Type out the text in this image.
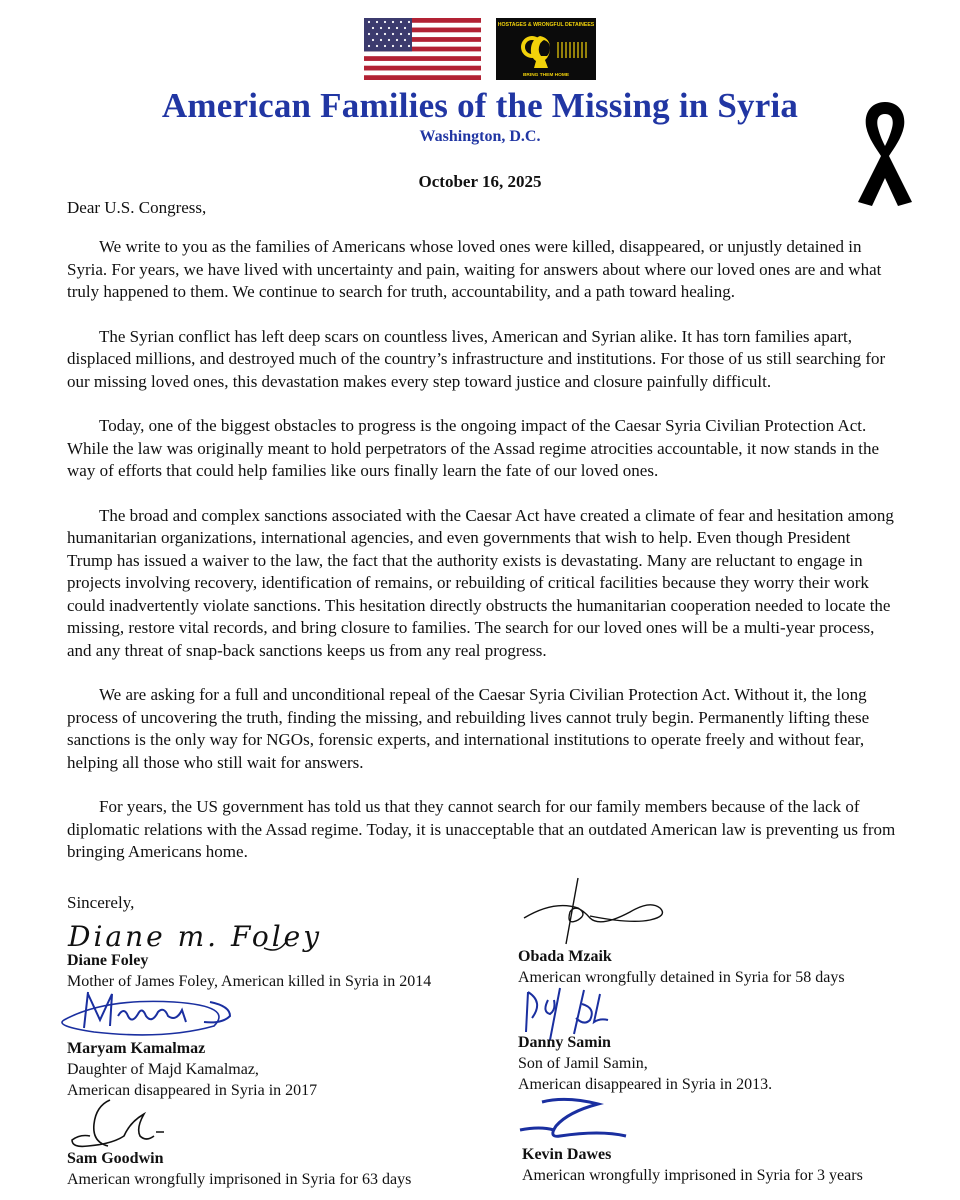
HOSTAGES & WRONGFUL DETAINEES
BRING THEM HOME
American Families of the Missing in Syria
Washington, D.C.
October 16, 2025
Dear U.S. Congress,

We write to you as the families of Americans whose loved ones were killed, disappeared, or unjustly detained in Syria. For years, we have lived with uncertainty and pain, waiting for answers about where our loved ones are and what truly happened to them. We continue to search for truth, accountability, and a path toward healing.

The Syrian conflict has left deep scars on countless lives, American and Syrian alike. It has torn families apart, displaced millions, and destroyed much of the country’s infrastructure and institutions. For those of us still searching for our missing loved ones, this devastation makes every step toward justice and closure painfully difficult.

Today, one of the biggest obstacles to progress is the ongoing impact of the Caesar Syria Civilian Protection Act. While the law was originally meant to hold perpetrators of the Assad regime atrocities accountable, it now stands in the way of efforts that could help families like ours finally learn the fate of our loved ones.

The broad and complex sanctions associated with the Caesar Act have created a climate of fear and hesitation among humanitarian organizations, international agencies, and even governments that wish to help. Even though President Trump has issued a waiver to the law, the fact that the authority exists is devastating. Many are reluctant to engage in projects involving recovery, identification of remains, or rebuilding of critical facilities because they worry their work could inadvertently violate sanctions. This hesitation directly obstructs the humanitarian cooperation needed to locate the missing, restore vital records, and bring closure to families. The search for our loved ones will be a multi-year process, and any threat of snap-back sanctions keeps us from any real progress.

We are asking for a full and unconditional repeal of the Caesar Syria Civilian Protection Act. Without it, the long process of uncovering the truth, finding the missing, and rebuilding lives cannot truly begin. Permanently lifting these sanctions is the only way for NGOs, forensic experts, and international institutions to operate freely and without fear, helping all those who still wait for answers.

For years, the US government has told us that they cannot search for our family members because of the lack of diplomatic relations with the Assad regime. Today, it is unacceptable that an outdated American law is preventing us from bringing Americans home.

Sincerely,
Diane m. Foley
Diane Foley
Mother of James Foley, American killed in Syria in 2014
Maryam Kamalmaz
Daughter of Majd Kamalmaz,
American disappeared in Syria in 2017
Sam Goodwin
American wrongfully imprisoned in Syria for 63 days
Obada Mzaik
American wrongfully detained in Syria for 58 days
Danny Samin
Son of Jamil Samin,
American disappeared in Syria in 2013.
Kevin Dawes
American wrongfully imprisoned in Syria for 3 years
